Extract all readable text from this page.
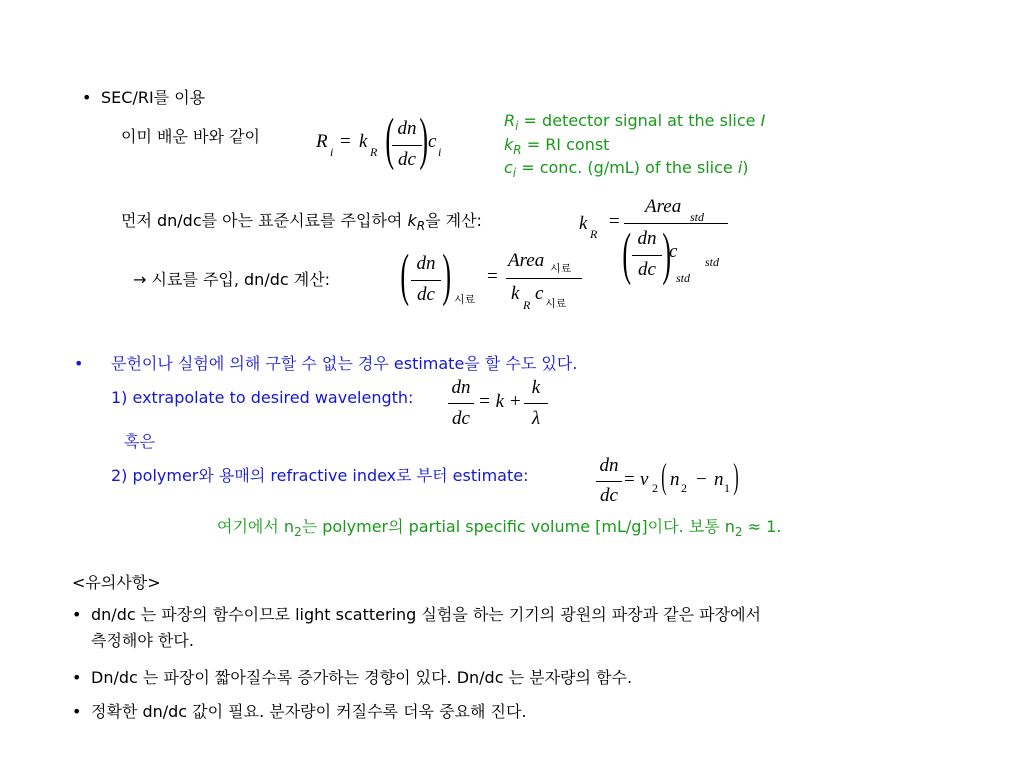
• SEC/RI를 이용
이미 배운 바와 같이	R i = k R ( dn
dc ) c i
$R_i$ = detector signal at the slice I
$k_R$ = RI const
$c_i$ = conc. (g/mL) of the slice i)
먼저 dn/dc를 아는 표준시료를 주입하여 $k_R$을 계산:	k R
=
Area std
( dn
dc ) std
c std
→ 시료를 주입, dn/dc 계산: ( dn
dc ) 시료
=
Area 시료
k
R
c 시료
• 문헌이나 실험에 의해 구할 수 없는 경우 estimate을 할 수도 있다.
1) extrapolate to desired wavelength:	dn
dc
= k +
k
λ
혹은
2) polymer와 용매의 refractive index로 부터 estimate:	dn
dc
= ν 2 ( n 2 − n 1 )
여기에서 $n_2$는 polymer의 partial specific volume [mL/g]이다. 보통 $n_2 \approx 1$.
<유의사항>
• dn/dc 는 파장의 함수이므로 light scattering 실험을 하는 기기의 광원의 파장과 같은 파장에서
측정해야 한다.
• Dn/dc 는 파장이 짧아질수록 증가하는 경향이 있다. Dn/dc 는 분자량의 함수.
• 정확한 dn/dc 값이 필요. 분자량이 커질수록 더욱 중요해 진다.
